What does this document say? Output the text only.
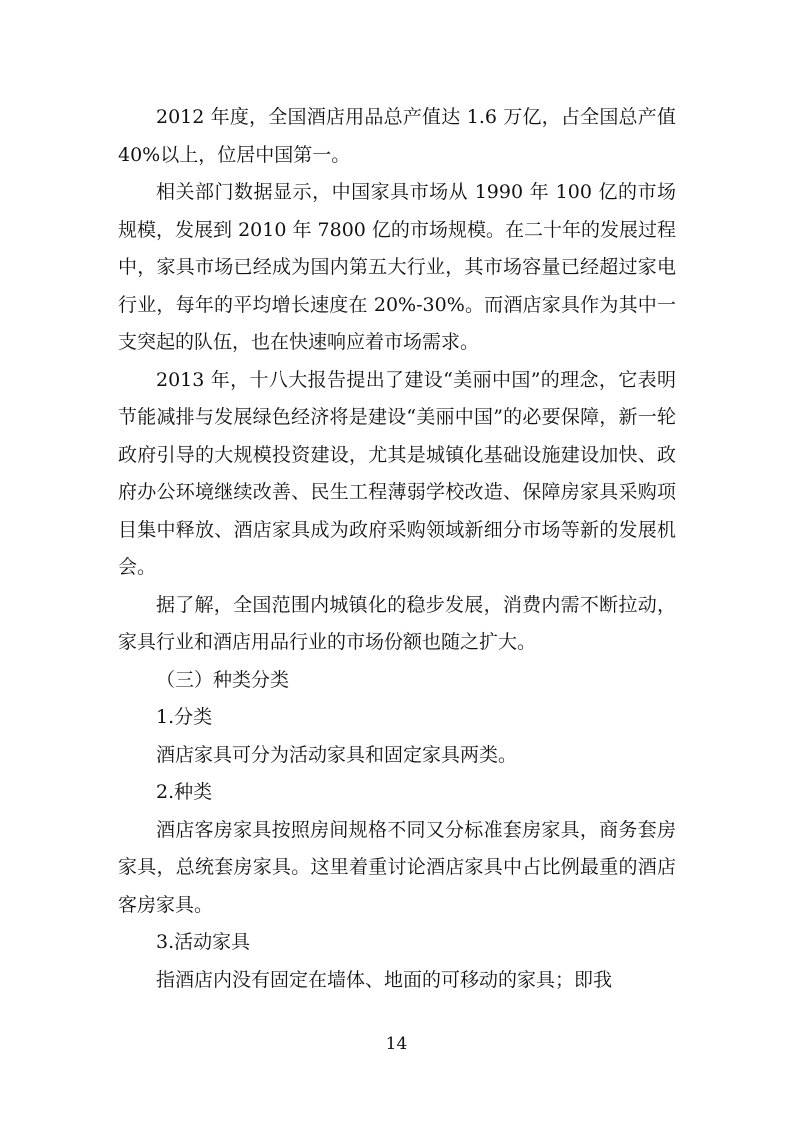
2012 年度，全国酒店用品总产值达 1.6 万亿，占全国总产值 40%以上，位居中国第一。

相关部门数据显示，中国家具市场从 1990 年 100 亿的市场规模，发展到 2010 年 7800 亿的市场规模。在二十年的发展过程中，家具市场已经成为国内第五大行业，其市场容量已经超过家电行业，每年的平均增长速度在 20%-30%。而酒店家具作为其中一支突起的队伍，也在快速响应着市场需求。

2013 年，十八大报告提出了建设“美丽中国”的理念，它表明节能减排与发展绿色经济将是建设“美丽中国”的必要保障，新一轮政府引导的大规模投资建设，尤其是城镇化基础设施建设加快、政府办公环境继续改善、民生工程薄弱学校改造、保障房家具采购项目集中释放、酒店家具成为政府采购领域新细分市场等新的发展机会。

据了解，全国范围内城镇化的稳步发展，消费内需不断拉动，家具行业和酒店用品行业的市场份额也随之扩大。

（三）种类分类

1.分类

酒店家具可分为活动家具和固定家具两类。

2.种类

酒店客房家具按照房间规格不同又分标准套房家具，商务套房家具，总统套房家具。这里着重讨论酒店家具中占比例最重的酒店客房家具。

3.活动家具

指酒店内没有固定在墙体、地面的可移动的家具；即我

14
